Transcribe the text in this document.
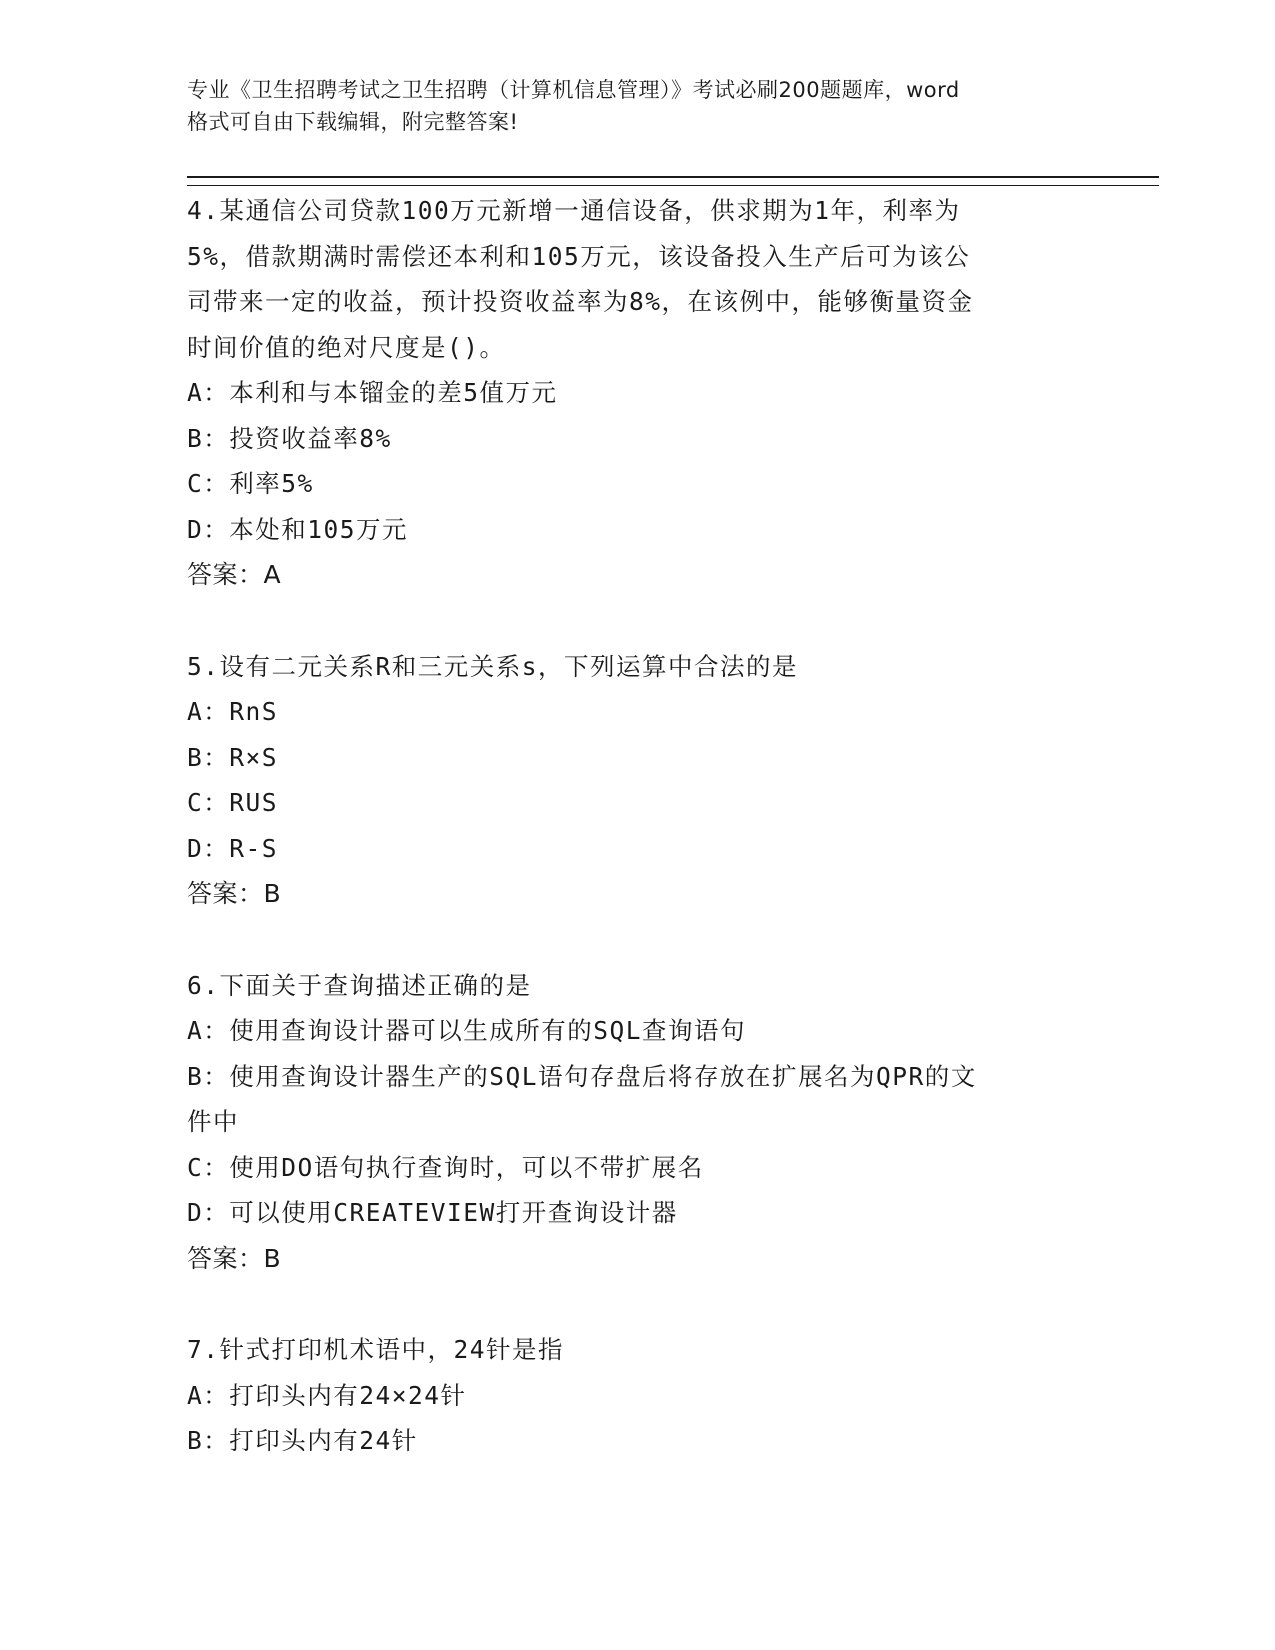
专业《卫生招聘考试之卫生招聘（计算机信息管理）》考试必刷200题题库，word
格式可自由下载编辑，附完整答案!
4.某通信公司贷款100万元新增一通信设备，供求期为1年，利率为
5%，借款期满时需偿还本利和105万元，该设备投入生产后可为该公
司带来一定的收益，预计投资收益率为8%，在该例中，能够衡量资金
时间价值的绝对尺度是()。
A：本利和与本镏金的差5值万元
B：投资收益率8%
C：利率5%
D：本处和105万元
答案：A
5.设有二元关系R和三元关系s，下列运算中合法的是
A：RnS
B：R×S
C：RUS
D：R-S
答案：B
6.下面关于查询描述正确的是
A：使用查询设计器可以生成所有的SQL查询语句
B：使用查询设计器生产的SQL语句存盘后将存放在扩展名为QPR的文
件中
C：使用DO语句执行查询时，可以不带扩展名
D：可以使用CREATEVIEW打开查询设计器
答案：B
7.针式打印机术语中，24针是指
A：打印头内有24×24针
B：打印头内有24针
